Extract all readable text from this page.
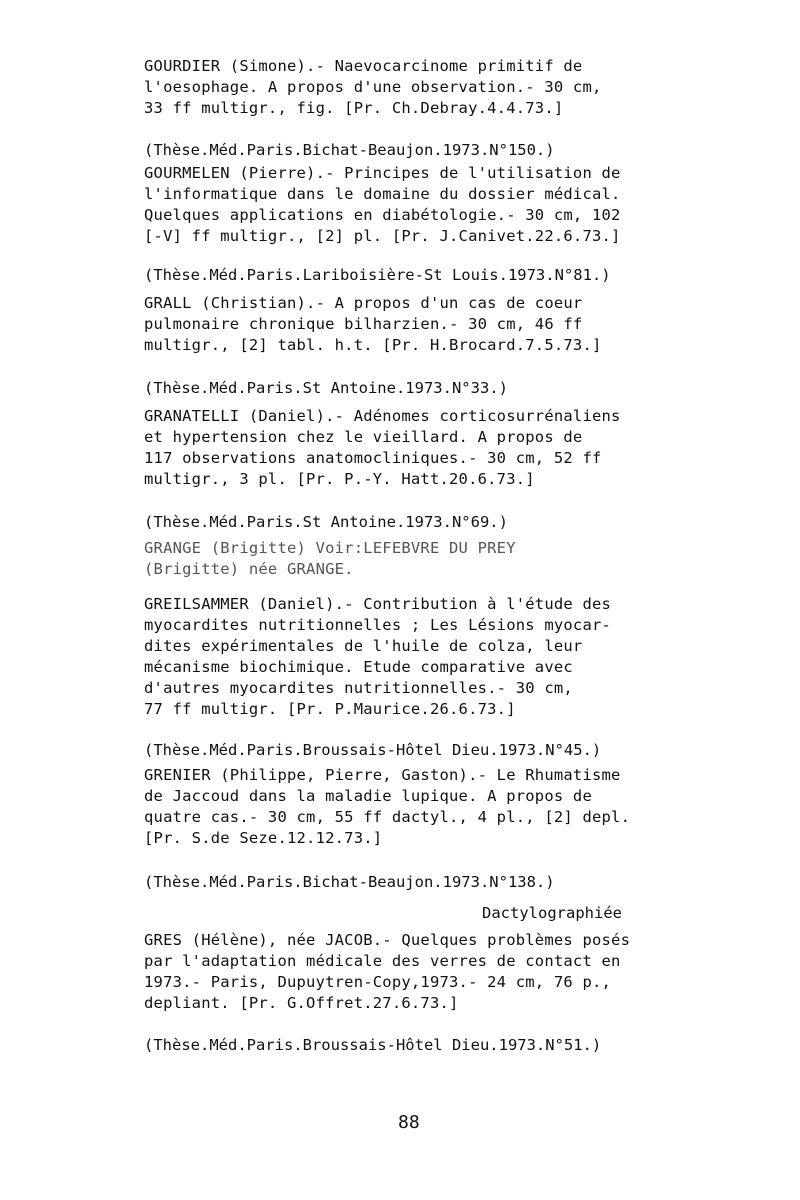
GOURDIER (Simone).- Naevocarcinome primitif de
l'oesophage. A propos d'une observation.- 30 cm,
33 ff multigr., fig. [Pr. Ch.Debray.4.4.73.]
(Thèse.Méd.Paris.Bichat-Beaujon.1973.N°150.)
GOURMELEN (Pierre).- Principes de l'utilisation de
l'informatique dans le domaine du dossier médical.
Quelques applications en diabétologie.- 30 cm, 102
[-V] ff multigr., [2] pl. [Pr. J.Canivet.22.6.73.]
(Thèse.Méd.Paris.Lariboisière-St Louis.1973.N°81.)
GRALL (Christian).- A propos d'un cas de coeur
pulmonaire chronique bilharzien.- 30 cm, 46 ff
multigr., [2] tabl. h.t. [Pr. H.Brocard.7.5.73.]
(Thèse.Méd.Paris.St Antoine.1973.N°33.)
GRANATELLI (Daniel).- Adénomes corticosurrénaliens
et hypertension chez le vieillard. A propos de
117 observations anatomocliniques.- 30 cm, 52 ff
multigr., 3 pl. [Pr. P.-Y. Hatt.20.6.73.]
(Thèse.Méd.Paris.St Antoine.1973.N°69.)
GRANGE (Brigitte) Voir:LEFEBVRE DU PREY
(Brigitte) née GRANGE.
GREILSAMMER (Daniel).- Contribution à l'étude des
myocardites nutritionnelles ; Les Lésions myocar-
dites expérimentales de l'huile de colza, leur
mécanisme biochimique. Etude comparative avec
d'autres myocardites nutritionnelles.- 30 cm,
77 ff multigr. [Pr. P.Maurice.26.6.73.]
(Thèse.Méd.Paris.Broussais-Hôtel Dieu.1973.N°45.)
GRENIER (Philippe, Pierre, Gaston).- Le Rhumatisme
de Jaccoud dans la maladie lupique. A propos de
quatre cas.- 30 cm, 55 ff dactyl., 4 pl., [2] depl.
[Pr. S.de Seze.12.12.73.]
(Thèse.Méd.Paris.Bichat-Beaujon.1973.N°138.)
Dactylographiée
GRES (Hélène), née JACOB.- Quelques problèmes posés
par l'adaptation médicale des verres de contact en
1973.- Paris, Dupuytren-Copy,1973.- 24 cm, 76 p.,
depliant. [Pr. G.Offret.27.6.73.]
(Thèse.Méd.Paris.Broussais-Hôtel Dieu.1973.N°51.)
88
